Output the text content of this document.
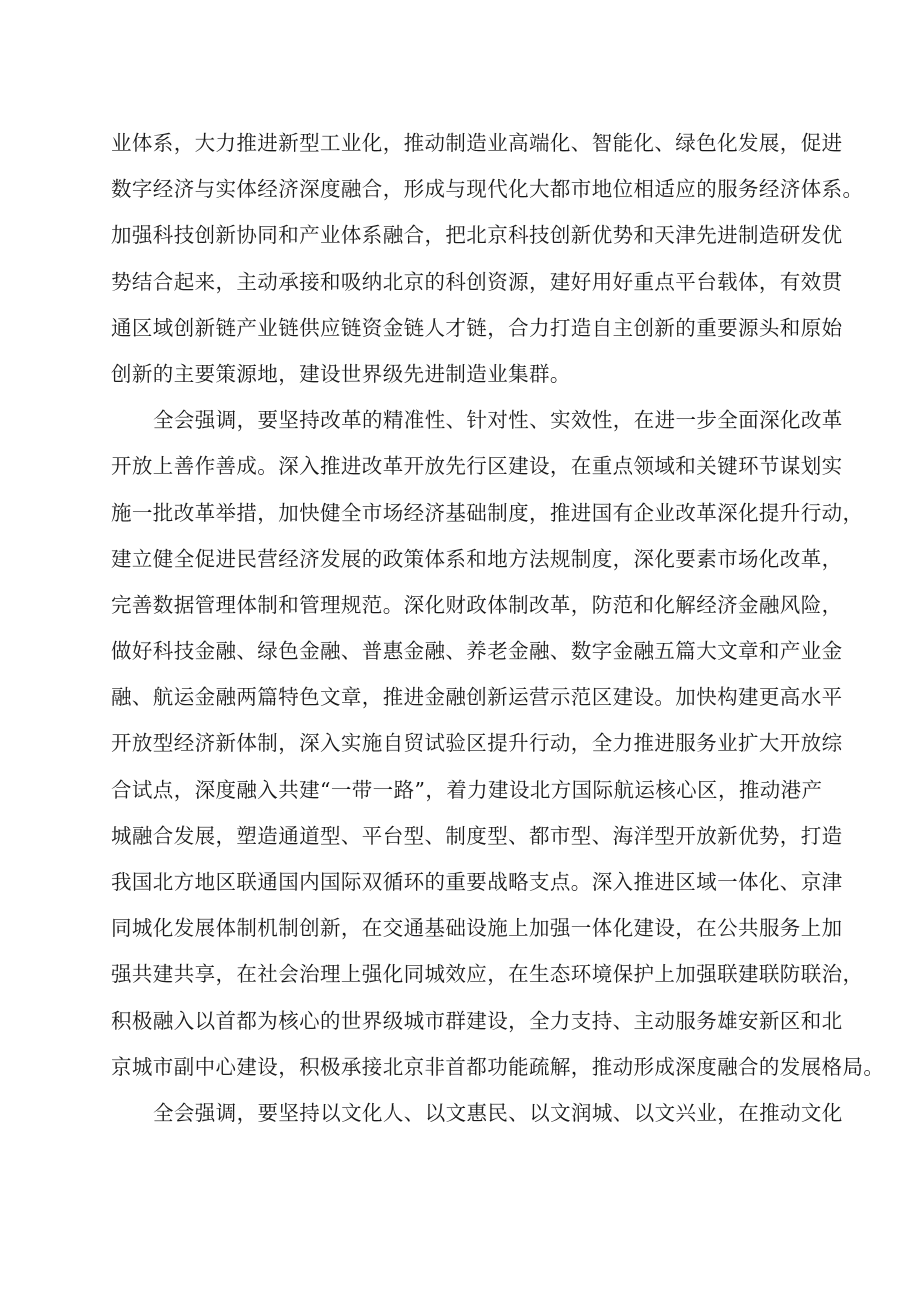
业体系，大力推进新型工业化，推动制造业高端化、智能化、绿色化发展，促进
数字经济与实体经济深度融合，形成与现代化大都市地位相适应的服务经济体系。
加强科技创新协同和产业体系融合，把北京科技创新优势和天津先进制造研发优
势结合起来，主动承接和吸纳北京的科创资源，建好用好重点平台载体，有效贯
通区域创新链产业链供应链资金链人才链，合力打造自主创新的重要源头和原始
创新的主要策源地，建设世界级先进制造业集群。
全会强调，要坚持改革的精准性、针对性、实效性，在进一步全面深化改革
开放上善作善成。深入推进改革开放先行区建设，在重点领域和关键环节谋划实
施一批改革举措，加快健全市场经济基础制度，推进国有企业改革深化提升行动，
建立健全促进民营经济发展的政策体系和地方法规制度，深化要素市场化改革，
完善数据管理体制和管理规范。深化财政体制改革，防范和化解经济金融风险，
做好科技金融、绿色金融、普惠金融、养老金融、数字金融五篇大文章和产业金
融、航运金融两篇特色文章，推进金融创新运营示范区建设。加快构建更高水平
开放型经济新体制，深入实施自贸试验区提升行动，全力推进服务业扩大开放综
合试点，深度融入共建“一带一路”，着力建设北方国际航运核心区，推动港产
城融合发展，塑造通道型、平台型、制度型、都市型、海洋型开放新优势，打造
我国北方地区联通国内国际双循环的重要战略支点。深入推进区域一体化、京津
同城化发展体制机制创新，在交通基础设施上加强一体化建设，在公共服务上加
强共建共享，在社会治理上强化同城效应，在生态环境保护上加强联建联防联治，
积极融入以首都为核心的世界级城市群建设，全力支持、主动服务雄安新区和北
京城市副中心建设，积极承接北京非首都功能疏解，推动形成深度融合的发展格局。
全会强调，要坚持以文化人、以文惠民、以文润城、以文兴业，在推动文化
